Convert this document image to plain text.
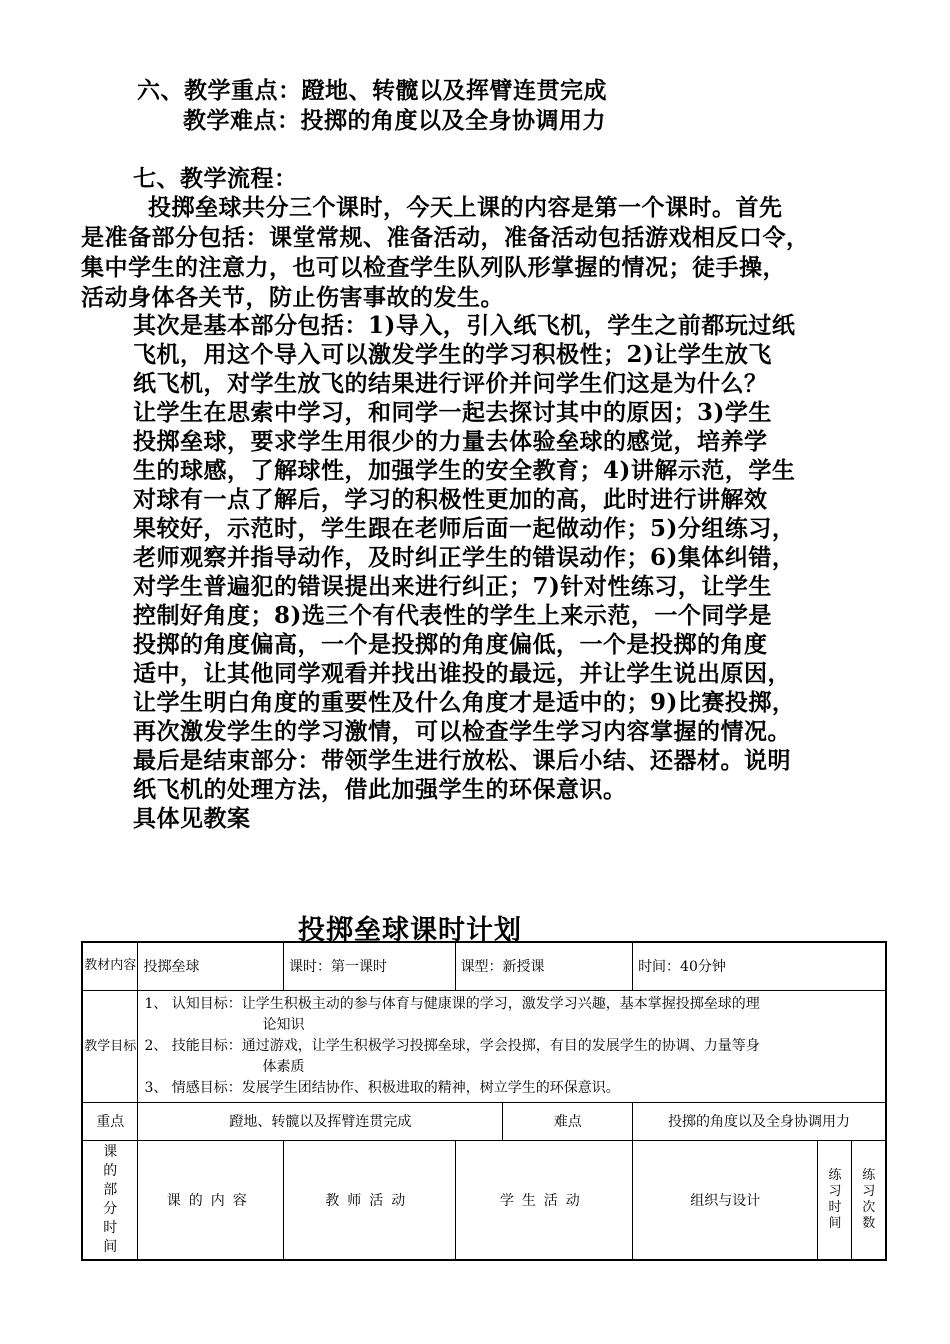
六、教学重点：蹬地、转髋以及挥臂连贯完成
教学难点：投掷的角度以及全身协调用力
七、教学流程：
投掷垒球共分三个课时，今天上课的内容是第一个课时。首先
是准备部分包括：课堂常规、准备活动，准备活动包括游戏相反口令，
集中学生的注意力，也可以检查学生队列队形掌握的情况；徒手操，
活动身体各关节，防止伤害事故的发生。
其次是基本部分包括：1)导入，引入纸飞机，学生之前都玩过纸
飞机，用这个导入可以激发学生的学习积极性；2)让学生放飞
纸飞机，对学生放飞的结果进行评价并问学生们这是为什么？
让学生在思索中学习，和同学一起去探讨其中的原因；3)学生
投掷垒球，要求学生用很少的力量去体验垒球的感觉，培养学
生的球感，了解球性，加强学生的安全教育；4)讲解示范，学生
对球有一点了解后，学习的积极性更加的高，此时进行讲解效
果较好，示范时，学生跟在老师后面一起做动作；5)分组练习，
老师观察并指导动作，及时纠正学生的错误动作；6)集体纠错，
对学生普遍犯的错误提出来进行纠正；7)针对性练习，让学生
控制好角度；8)选三个有代表性的学生上来示范，一个同学是
投掷的角度偏高，一个是投掷的角度偏低，一个是投掷的角度
适中，让其他同学观看并找出谁投的最远，并让学生说出原因，
让学生明白角度的重要性及什么角度才是适中的；9)比赛投掷，
再次激发学生的学习激情，可以检查学生学习内容掌握的情况。
最后是结束部分：带领学生进行放松、课后小结、还器材。说明
纸飞机的处理方法，借此加强学生的环保意识。
具体见教案
投掷垒球课时计划
教材内容	投掷垒球	课时：第一课时	课型：新授课		时间：40分钟		
教学目标	1、 认知目标：让学生积极主动的参与体育与健康课的学习，激发学习兴趣，基本掌握投掷垒球的理
论知识
2、 技能目标：通过游戏，让学生积极学习投掷垒球，学会投掷，有目的发展学生的协调、力量等身
体素质
3、 情感目标：发展学生团结协作、积极进取的精神，树立学生的环保意识。						

重点	蹬地、转髋以及挥臂连贯完成			难点	投掷的角度以及全身协调用力		
课的部分时间	课的内容	教师活动	学生活动		组织与设计	练习时间	练习次数
